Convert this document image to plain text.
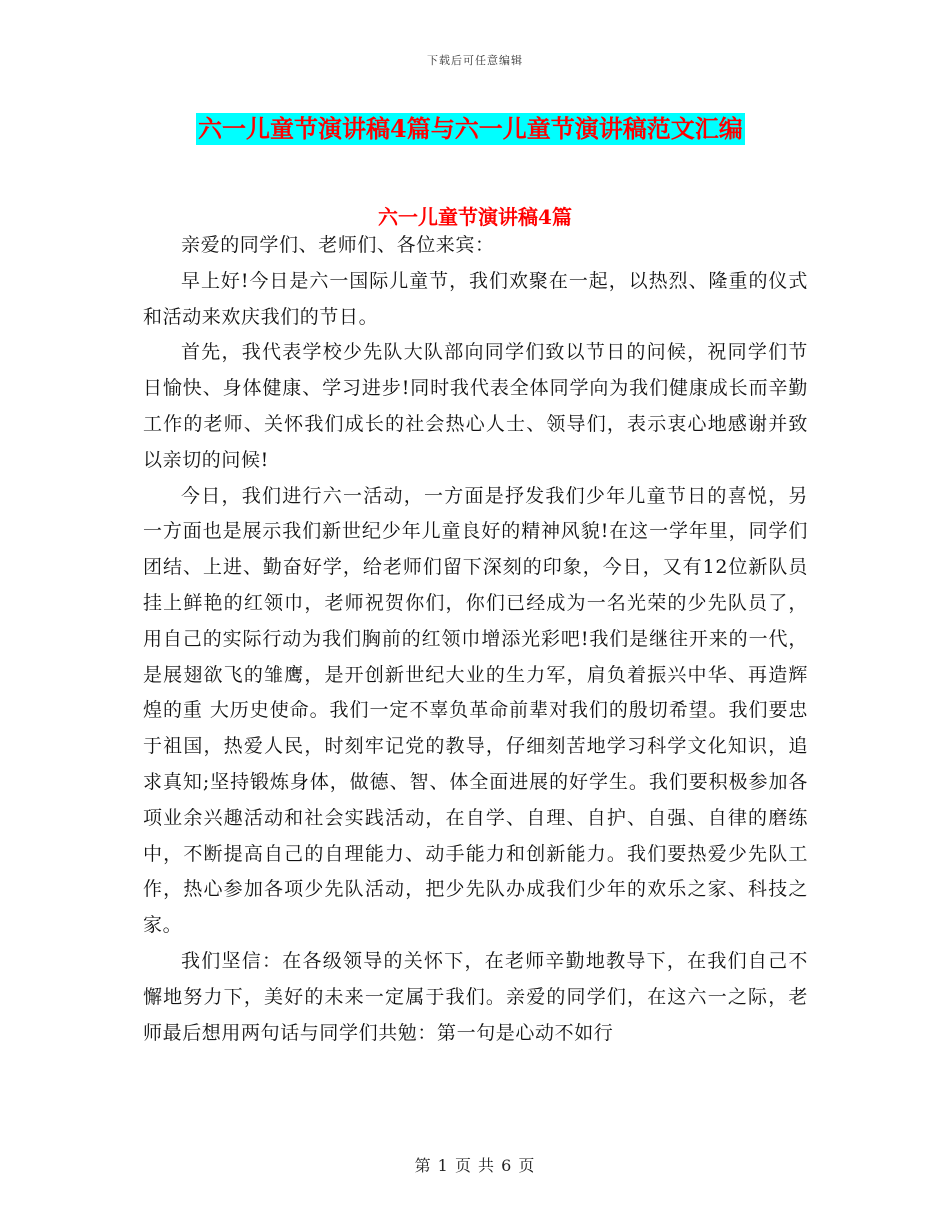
下载后可任意编辑
六一儿童节演讲稿4篇与六一儿童节演讲稿范文汇编
六一儿童节演讲稿4篇

亲爱的同学们、老师们、各位来宾：

早上好!今日是六一国际儿童节，我们欢聚在一起，以热烈、隆重的仪式和活动来欢庆我们的节日。

首先，我代表学校少先队大队部向同学们致以节日的问候，祝同学们节日愉快、身体健康、学习进步!同时我代表全体同学向为我们健康成长而辛勤工作的老师、关怀我们成长的社会热心人士、领导们，表示衷心地感谢并致以亲切的问候!

今日，我们进行六一活动，一方面是抒发我们少年儿童节日的喜悦，另一方面也是展示我们新世纪少年儿童良好的精神风貌!在这一学年里，同学们团结、上进、勤奋好学，给老师们留下深刻的印象，今日，又有12位新队员挂上鲜艳的红领巾，老师祝贺你们，你们已经成为一名光荣的少先队员了，用自己的实际行动为我们胸前的红领巾增添光彩吧!我们是继往开来的一代，是展翅欲飞的雏鹰，是开创新世纪大业的生力军，肩负着振兴中华、再造辉煌的重 大历史使命。我们一定不辜负革命前辈对我们的殷切希望。我们要忠于祖国，热爱人民，时刻牢记党的教导，仔细刻苦地学习科学文化知识，追求真知;坚持锻炼身体，做德、智、体全面进展的好学生。我们要积极参加各项业余兴趣活动和社会实践活动，在自学、自理、自护、自强、自律的磨练中，不断提高自己的自理能力、动手能力和创新能力。我们要热爱少先队工作，热心参加各项少先队活动，把少先队办成我们少年的欢乐之家、科技之家。

我们坚信：在各级领导的关怀下，在老师辛勤地教导下，在我们自己不懈地努力下，美好的未来一定属于我们。亲爱的同学们，在这六一之际，老师最后想用两句话与同学们共勉：第一句是心动不如行

第 1 页 共 6 页
